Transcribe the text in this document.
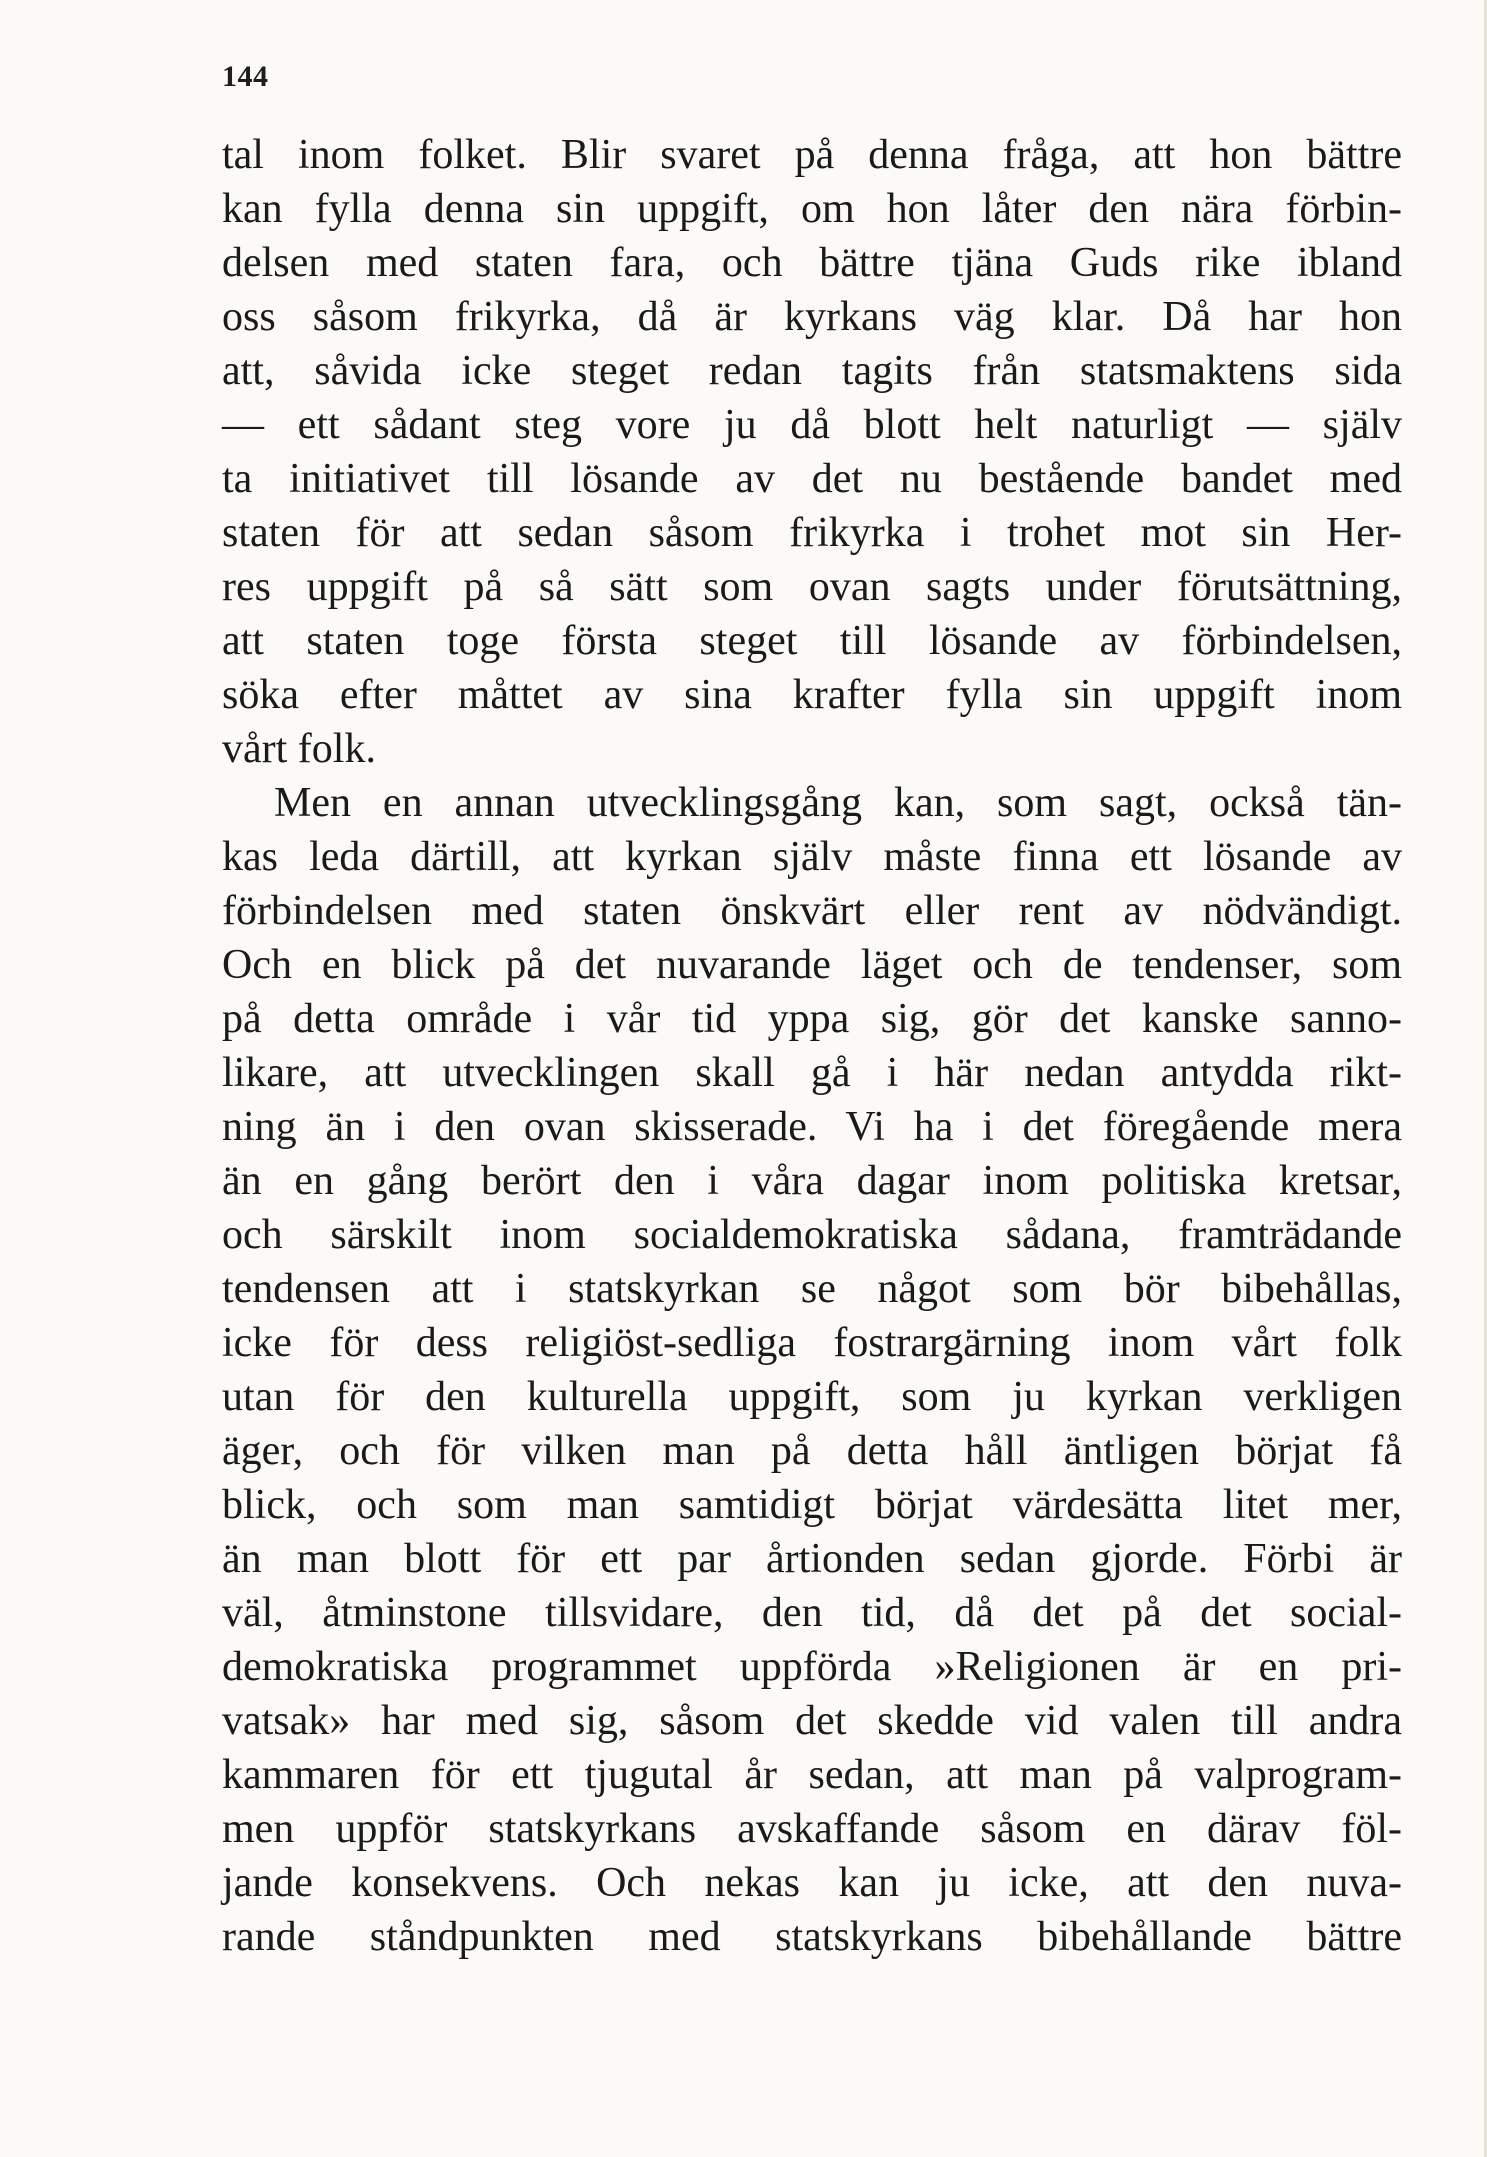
144
tal inom folket. Blir svaret på denna fråga, att hon bättre
kan fylla denna sin uppgift, om hon låter den nära förbin-
delsen med staten fara, och bättre tjäna Guds rike ibland
oss såsom frikyrka, då är kyrkans väg klar. Då har hon
att, såvida icke steget redan tagits från statsmaktens sida
— ett sådant steg vore ju då blott helt naturligt — själv
ta initiativet till lösande av det nu bestående bandet med
staten för att sedan såsom frikyrka i trohet mot sin Her-
res uppgift på så sätt som ovan sagts under förutsättning,
att staten toge första steget till lösande av förbindelsen,
söka efter måttet av sina krafter fylla sin uppgift inom
vårt folk.
Men en annan utvecklingsgång kan, som sagt, också tän-
kas leda därtill, att kyrkan själv måste finna ett lösande av
förbindelsen med staten önskvärt eller rent av nödvändigt.
Och en blick på det nuvarande läget och de tendenser, som
på detta område i vår tid yppa sig, gör det kanske sanno-
likare, att utvecklingen skall gå i här nedan antydda rikt-
ning än i den ovan skisserade. Vi ha i det föregående mera
än en gång berört den i våra dagar inom politiska kretsar,
och särskilt inom socialdemokratiska sådana, framträdande
tendensen att i statskyrkan se något som bör bibehållas,
icke för dess religiöst-sedliga fostrargärning inom vårt folk
utan för den kulturella uppgift, som ju kyrkan verkligen
äger, och för vilken man på detta håll äntligen börjat få
blick, och som man samtidigt börjat värdesätta litet mer,
än man blott för ett par årtionden sedan gjorde. Förbi är
väl, åtminstone tillsvidare, den tid, då det på det social-
demokratiska programmet uppförda »Religionen är en pri-
vatsak» har med sig, såsom det skedde vid valen till andra
kammaren för ett tjugutal år sedan, att man på valprogram-
men uppför statskyrkans avskaffande såsom en därav föl-
jande konsekvens. Och nekas kan ju icke, att den nuva-
rande ståndpunkten med statskyrkans bibehållande bättre
